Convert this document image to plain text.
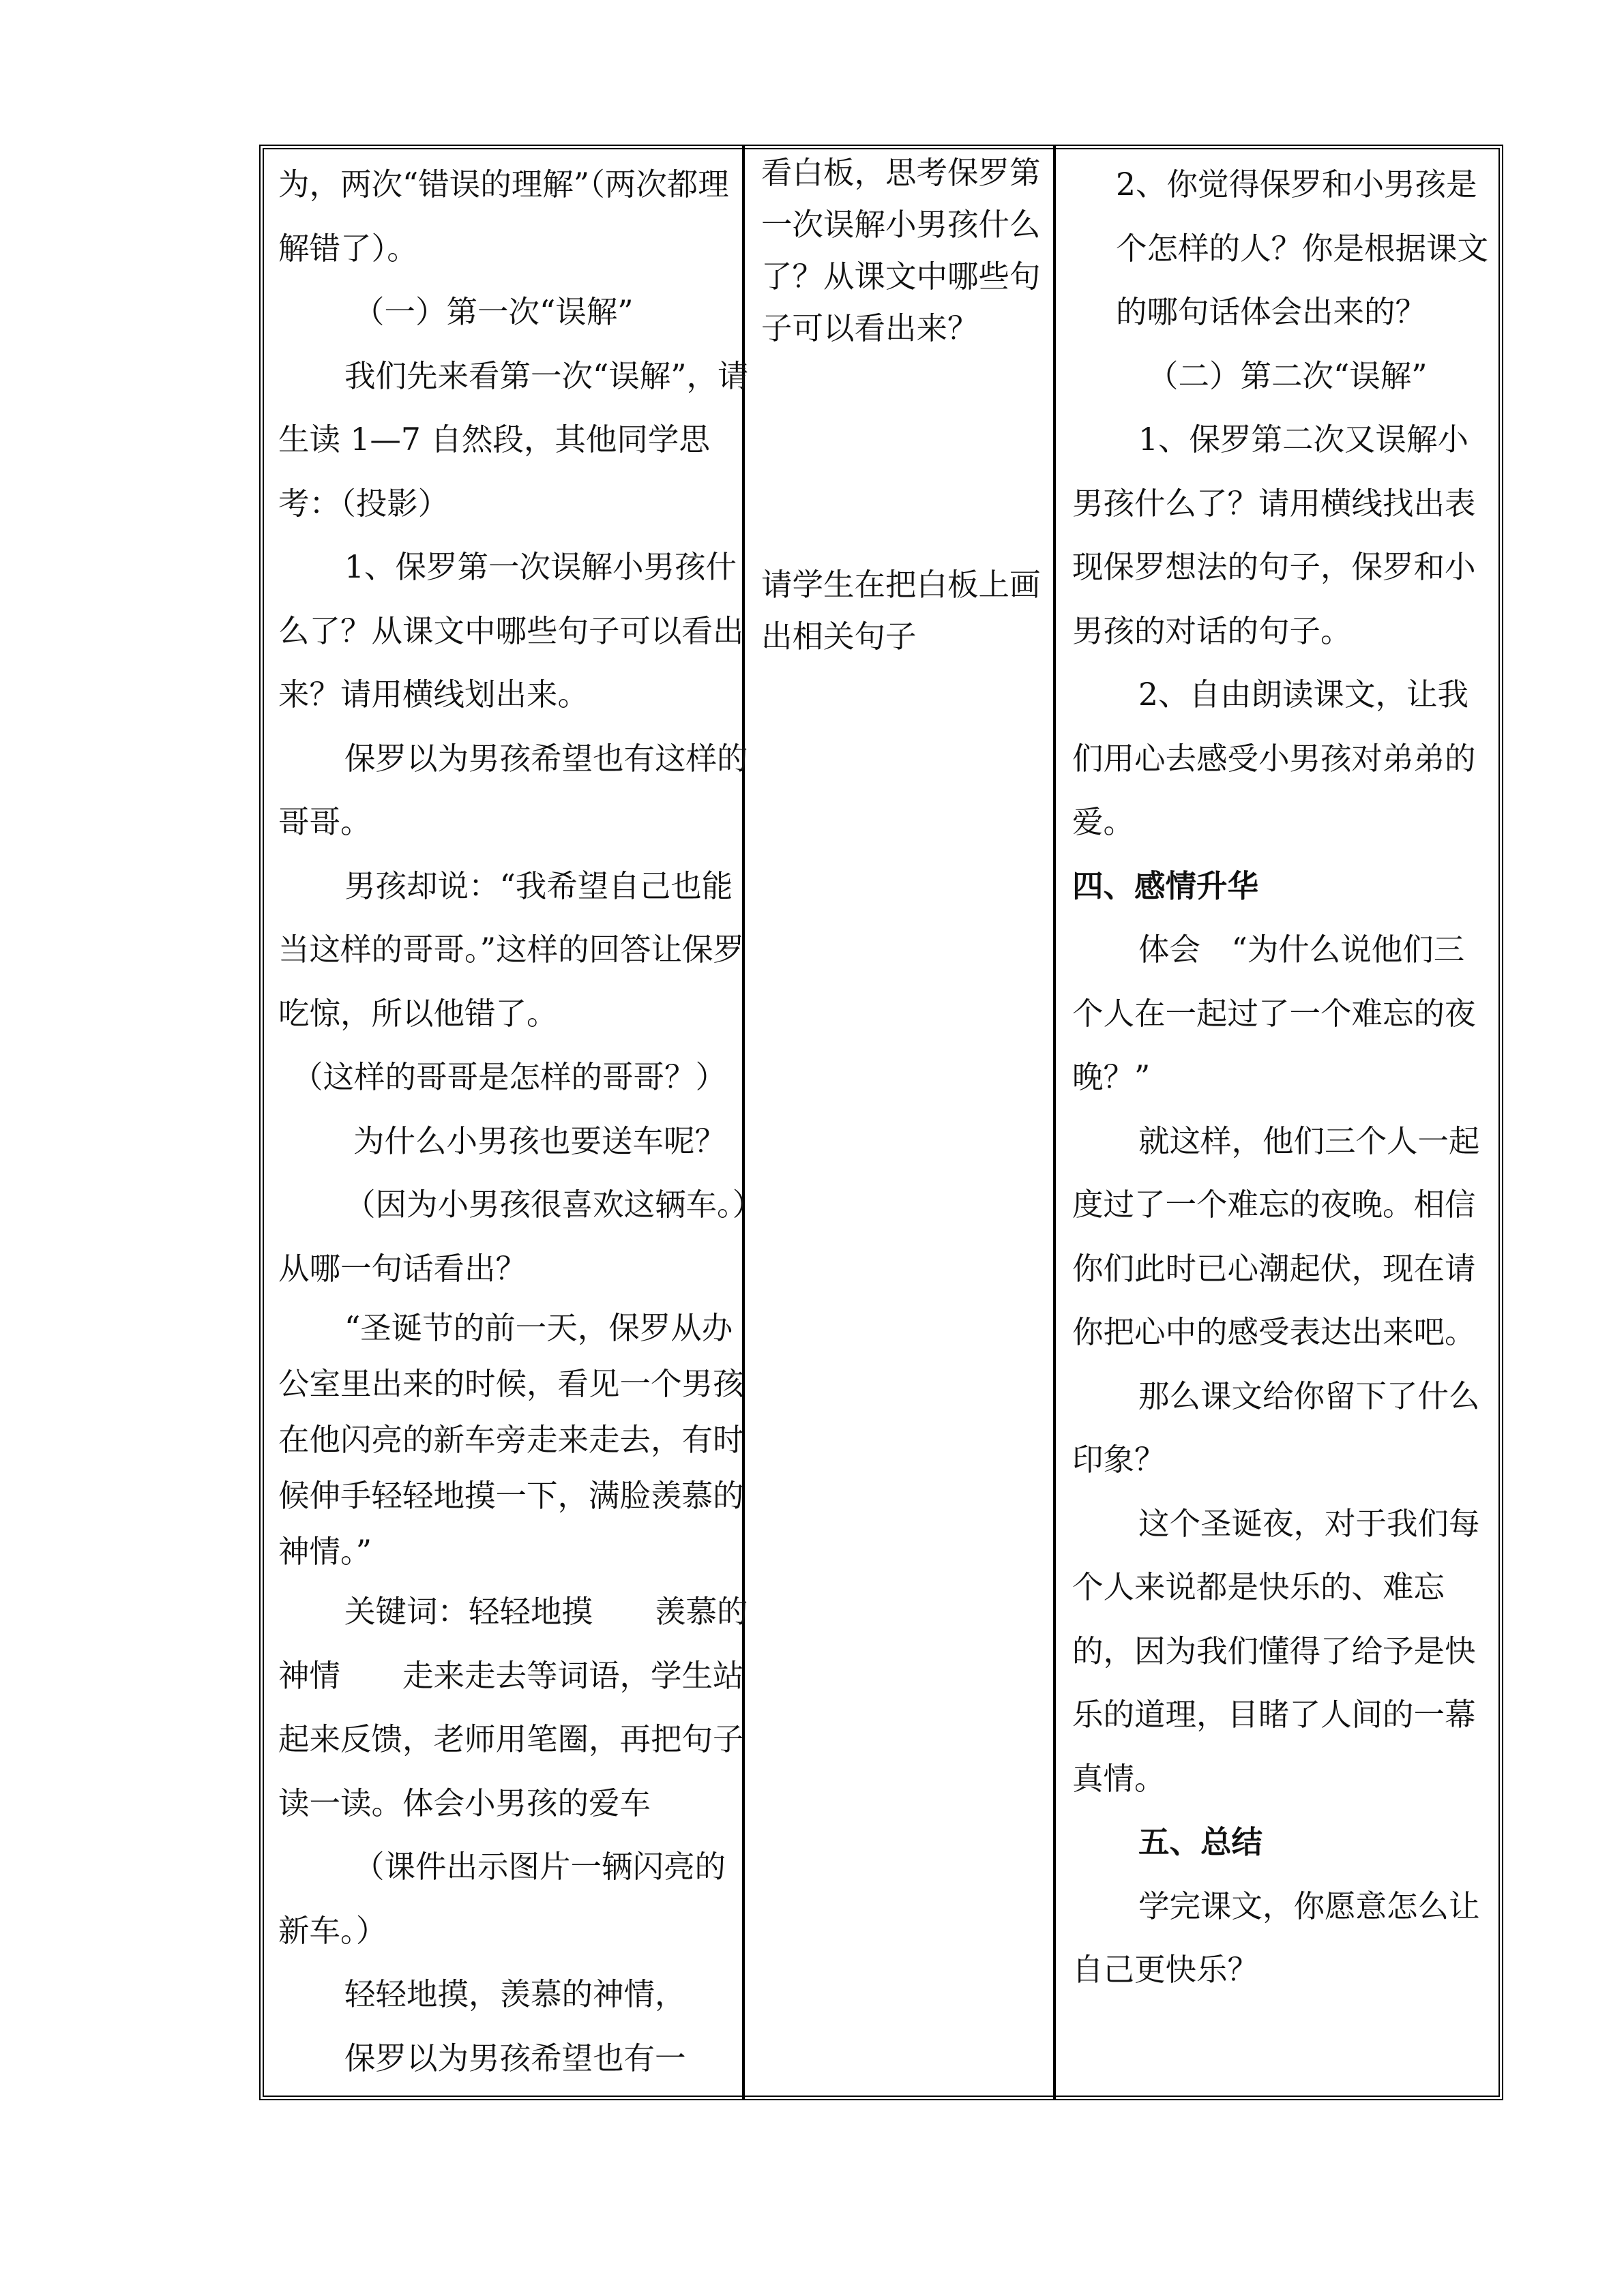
为，两次“错误的理解”（两次都理解错了）。

（一）第一次“误解”

我们先来看第一次“误解”，请生读 1—7 自然段，其他同学思考：（投影）

1、保罗第一次误解小男孩什么了？从课文中哪些句子可以看出来？请用横线划出来。

保罗以为男孩希望也有这样的哥哥。

男孩却说：“我希望自己也能当这样的哥哥。”这样的回答让保罗吃惊，所以他错了。

（这样的哥哥是怎样的哥哥？）

为什么小男孩也要送车呢？

（因为小男孩很喜欢这辆车。）从哪一句话看出？

“圣诞节的前一天，保罗从办公室里出来的时候，看见一个男孩在他闪亮的新车旁走来走去，有时候伸手轻轻地摸一下，满脸羡慕的神情。”

关键词：轻轻地摸　　羡慕的神情　　走来走去等词语，学生站起来反馈，老师用笔圈，再把句子读一读。体会小男孩的爱车

（课件出示图片一辆闪亮的新车。）

轻轻地摸，羡慕的神情，

保罗以为男孩希望也有一

看白板，思考保罗第一次误解小男孩什么了？从课文中哪些句子可以看出来？

请学生在把白板上画出相关句子

2、你觉得保罗和小男孩是个怎样的人？你是根据课文的哪句话体会出来的？

（二）第二次“误解”

1、保罗第二次又误解小男孩什么了？请用横线找出表现保罗想法的句子，保罗和小男孩的对话的句子。

2、自由朗读课文，让我们用心去感受小男孩对弟弟的爱。

四、感情升华

体会　“为什么说他们三个人在一起过了一个难忘的夜晚？”

就这样，他们三个人一起度过了一个难忘的夜晚。相信你们此时已心潮起伏，现在请你把心中的感受表达出来吧。

那么课文给你留下了什么印象？

这个圣诞夜，对于我们每个人来说都是快乐的、难忘的，因为我们懂得了给予是快乐的道理，目睹了人间的一幕真情。

五、总结

学完课文，你愿意怎么让自己更快乐？
